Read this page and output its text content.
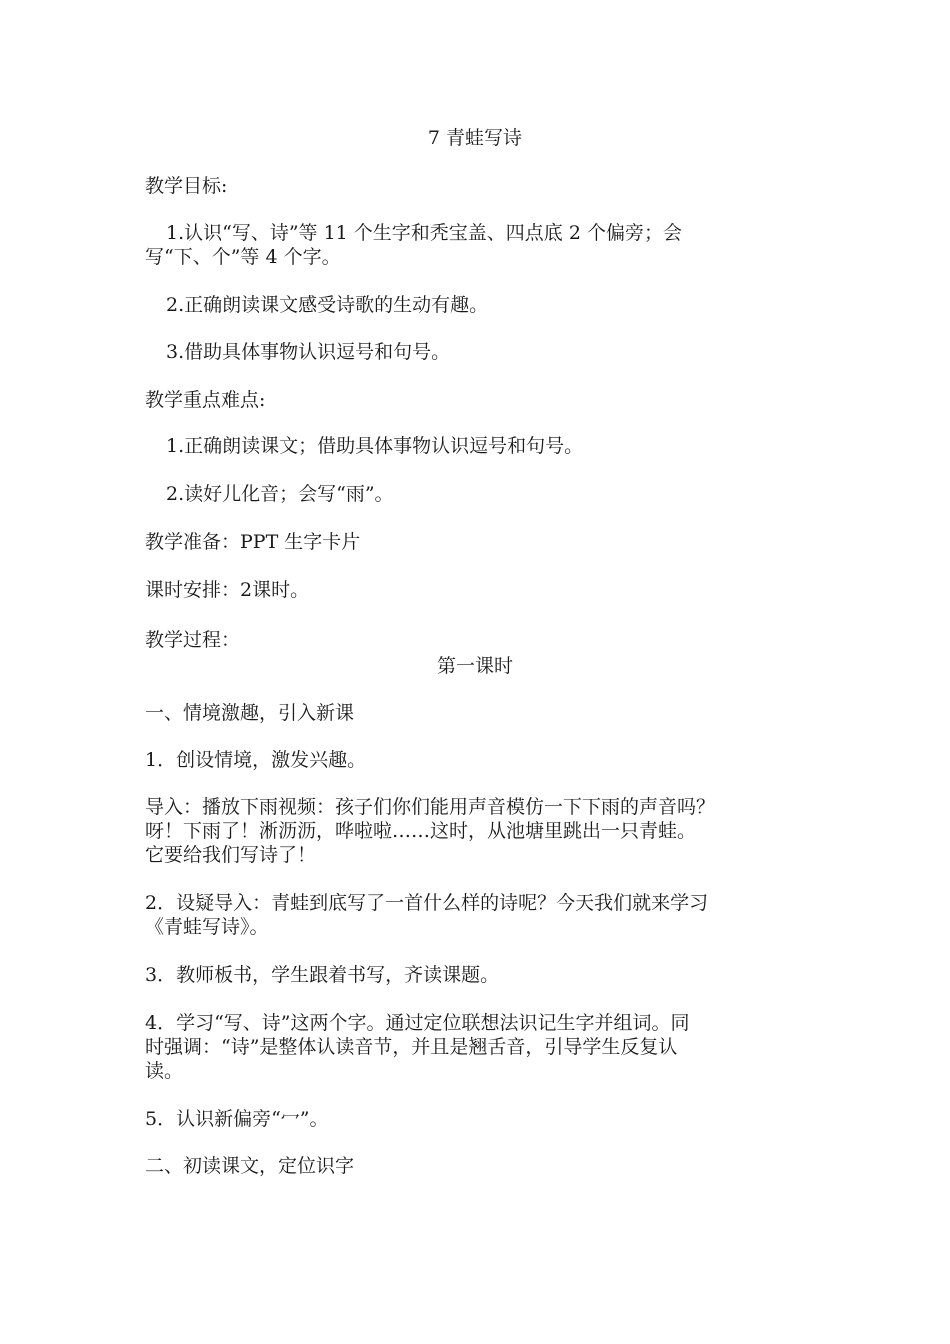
7 青蛙写诗
教学目标:
1.认识“写、诗”等 11 个生字和秃宝盖、四点底 2 个偏旁；会
写“下、个”等 4 个字。
2.正确朗读课文感受诗歌的生动有趣。
3.借助具体事物认识逗号和句号。
教学重点难点:
1.正确朗读课文；借助具体事物认识逗号和句号。
2.读好儿化音；会写“雨”。
教学准备：PPT 生字卡片
课时安排：2课时。
教学过程：
第一课时
一、情境激趣，引入新课
1．创设情境，激发兴趣。
导入：播放下雨视频：孩子们你们能用声音模仿一下下雨的声音吗？
呀！下雨了！淅沥沥，哗啦啦……这时，从池塘里跳出一只青蛙。
它要给我们写诗了！
2．设疑导入：青蛙到底写了一首什么样的诗呢？今天我们就来学习
《青蛙写诗》。
3．教师板书，学生跟着书写，齐读课题。
4．学习“写、诗”这两个字。通过定位联想法识记生字并组词。同
时强调：“诗”是整体认读音节，并且是翘舌音，引导学生反复认
读。
5．认识新偏旁“冖”。
二、初读课文，定位识字
